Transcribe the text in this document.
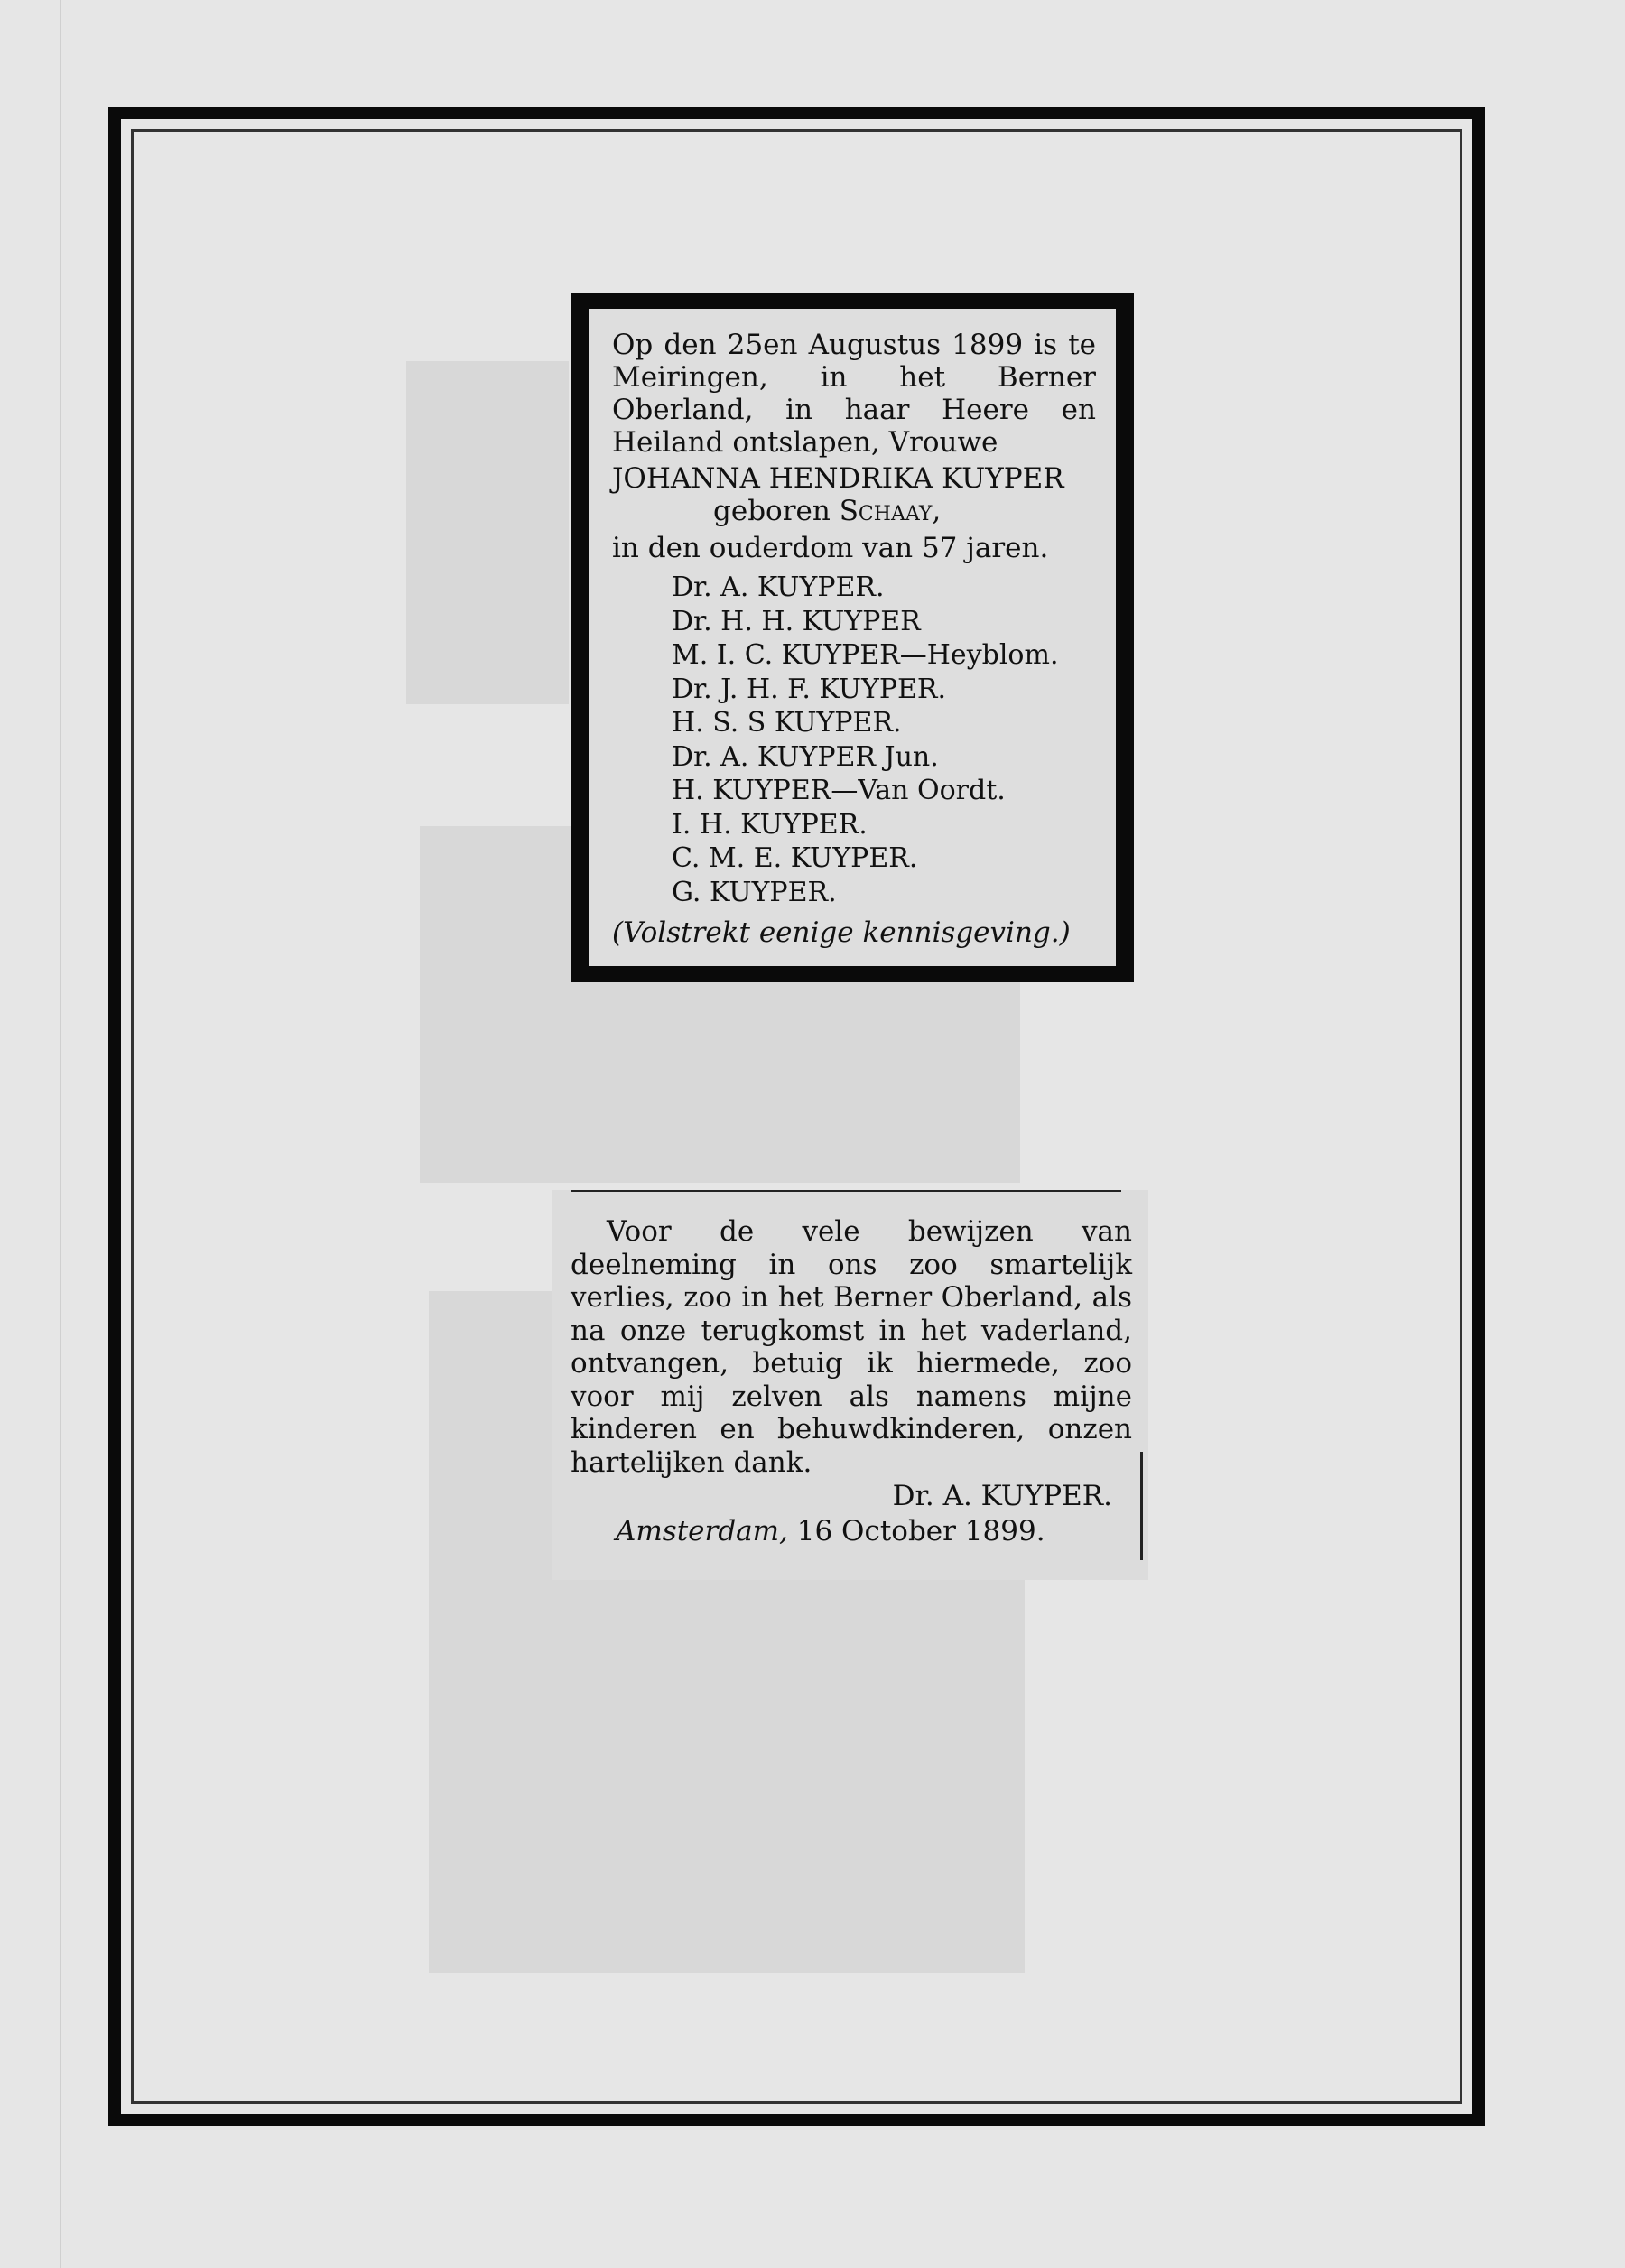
Op den 25en Augustus 1899 is te Meiringen, in het Berner Oberland, in haar Heere en Heiland ontslapen, Vrouwe
JOHANNA HENDRIKA KUYPER
geboren Schaay,
in den ouderdom van 57 jaren.
Dr. A. KUYPER.
Dr. H. H. KUYPER
M. I. C. KUYPER—Heyblom.
Dr. J. H. F. KUYPER.
H. S. S KUYPER.
Dr. A. KUYPER Jun.
H. KUYPER—Van Oordt.
I. H. KUYPER.
C. M. E. KUYPER.
G. KUYPER.
(Volstrekt eenige kennisgeving.)
Voor de vele bewijzen van deelneming in ons zoo smartelijk verlies, zoo in het Berner Oberland, als na onze terugkomst in het vaderland, ontvangen, betuig ik hiermede, zoo voor mij zelven als namens mijne kinderen en behuwdkinderen, onzen hartelijken dank.
Dr. A. KUYPER.
Amsterdam, 16 October 1899.
